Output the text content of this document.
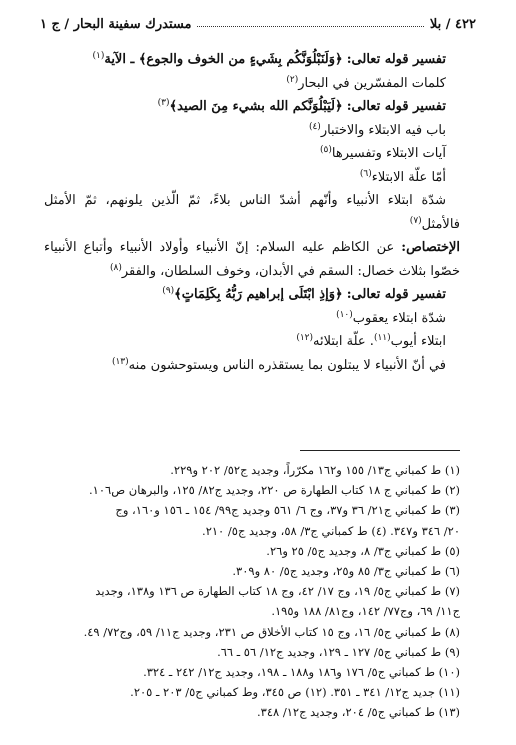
٤٢٢ / بلا
مستدرك سفينة البحار / ج ١
تفسير قوله تعالى: ﴿وَلَنَبْلُوَنَّكُم بِشَيءٍ من الخوف والجوع﴾ ـ الآية$^{(١)}$
كلمات المفسّرين في البحار$^{(٢)}$
تفسير قوله تعالى: ﴿لَيَبْلُوَنَّكم الله بشيء مِنَ الصيد﴾$^{(٣)}$
باب فيه الابتلاء والاختبار$^{(٤)}$
آيات الابتلاء وتفسيرها$^{(٥)}$
أمّا علّة الابتلاء$^{(٦)}$
شدّة ابتلاء الأنبياء وأنّهم أشدّ الناس بلاءً، ثمّ الّذين يلونهم، ثمّ الأمثل
فالأمثل$^{(٧)}$
الإختصاص: عن الكاظم عليه السلام: إنّ الأنبياء وأولاد الأنبياء وأتباع الأنبياء
خصّوا بثلاث خصال: السقم في الأبدان، وخوف السلطان، والفقر$^{(٨)}$
تفسير قوله تعالى: ﴿وَإذِ ابْتَلَى إبراهيم رَبُّهُ بِكَلِمَاتٍ﴾$^{(٩)}$
شدّة ابتلاء يعقوب$^{(١٠)}$
ابتلاء أيوب$^{(١١)}$. علّة ابتلائه$^{(١٢)}$
في أنّ الأنبياء لا يبتلون بما يستقذره الناس ويستوحشون منه$^{(١٣)}$
(١) ط كمباني ج١٣/ ١٥٥ و١٦٢ مكرّراً، وجديد ج٥٢/ ٢٠٢ و٢٢٩.
(٢) ط كمباني ج ١٨ كتاب الطهارة ص ٢٢٠، وجديد ج٨٢/ ١٢٥، والبرهان ص١٠٦.
(٣) ط كمباني ج٢١/ ٣٦ و٣٧، وج ٦/ ٥٦١ وجديد ج٩٩/ ١٥٤ ـ ١٥٦ و١٦٠، وج
٢٠/ ٣٤٦ و٣٤٧. (٤) ط كمباني ج٣/ ٥٨، وجديد ج٥/ ٢١٠.
(٥) ط كمباني ج٣/ ٨، وجديد ج٥/ ٢٥ و٢٦.
(٦) ط كمباني ج٣/ ٨٥ و٢٥، وجديد ج٥/ ٨٠ و٣٠٩.
(٧) ط كمباني ج٥/ ١٩، وج ١٧/ ٤٢، وج ١٨ كتاب الطهارة ص ١٣٦ و١٣٨، وجديد
ج١١/ ٦٩، وج٧٧/ ١٤٢، وج٨١/ ١٨٨ و١٩٥.
(٨) ط كمباني ج٥/ ١٦، وج ١٥ كتاب الأخلاق ص ٢٣١، وجديد ج١١/ ٥٩، وج٧٢/ ٤٩.
(٩) ط كمباني ج٥/ ١٢٧ ـ ١٢٩، وجديد ج١٢/ ٥٦ ـ ٦٦.
(١٠) ط كمباني ج٥/ ١٧٦ و١٨٦ و١٨٨ ـ ١٩٨، وجديد ج١٢/ ٢٤٢ ـ ٣٢٤.
(١١) جديد ج١٢/ ٣٤١ ـ ٣٥١. (١٢) ص ٣٤٥، وط كمباني ج٥/ ٢٠٣ ـ ٢٠٥.
(١٣) ط كمباني ج٥/ ٢٠٤، وجديد ج١٢/ ٣٤٨.
